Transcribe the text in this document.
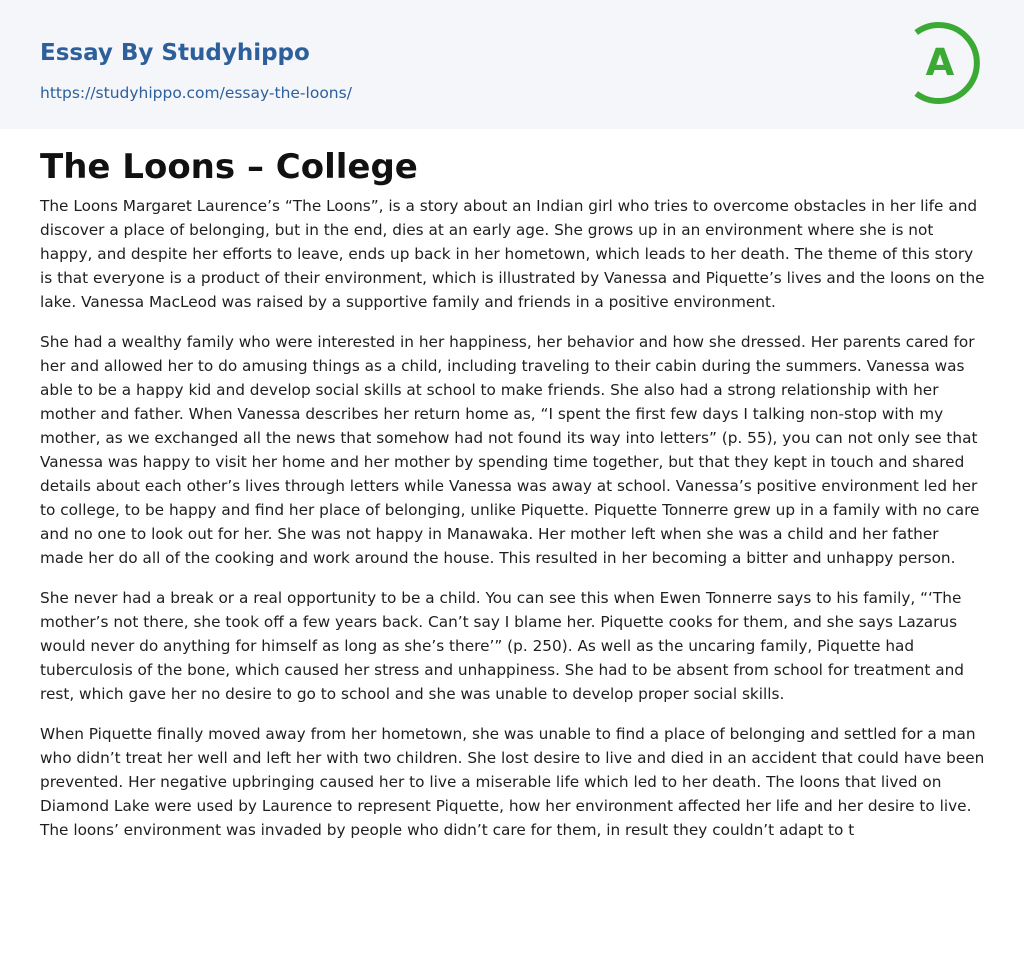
Essay By Studyhippo
https://studyhippo.com/essay-the-loons/
A
The Loons – College

The Loons Margaret Laurence’s “The Loons”, is a story about an Indian girl who tries to overcome obstacles in her life and discover a place of belonging, but in the end, dies at an early age. She grows up in an environment where she is not happy, and despite her efforts to leave, ends up back in her hometown, which leads to her death. The theme of this story is that everyone is a product of their environment, which is illustrated by Vanessa and Piquette’s lives and the loons on the lake. Vanessa MacLeod was raised by a supportive family and friends in a positive environment.

She had a wealthy family who were interested in her happiness, her behavior and how she dressed. Her parents cared for her and allowed her to do amusing things as a child, including traveling to their cabin during the summers. Vanessa was able to be a happy kid and develop social skills at school to make friends. She also had a strong relationship with her mother and father. When Vanessa describes her return home as, “I spent the first few days I talking non-stop with my mother, as we exchanged all the news that somehow had not found its way into letters” (p. 55), you can not only see that Vanessa was happy to visit her home and her mother by spending time together, but that they kept in touch and shared details about each other’s lives through letters while Vanessa was away at school. Vanessa’s positive environment led her to college, to be happy and find her place of belonging, unlike Piquette. Piquette Tonnerre grew up in a family with no care and no one to look out for her. She was not happy in Manawaka. Her mother left when she was a child and her father made her do all of the cooking and work around the house. This resulted in her becoming a bitter and unhappy person.

She never had a break or a real opportunity to be a child. You can see this when Ewen Tonnerre says to his family, “‘The mother’s not there, she took off a few years back. Can’t say I blame her. Piquette cooks for them, and she says Lazarus would never do anything for himself as long as she’s there’” (p. 250). As well as the uncaring family, Piquette had tuberculosis of the bone, which caused her stress and unhappiness. She had to be absent from school for treatment and rest, which gave her no desire to go to school and she was unable to develop proper social skills.

When Piquette finally moved away from her hometown, she was unable to find a place of belonging and settled for a man who didn’t treat her well and left her with two children. She lost desire to live and died in an accident that could have been prevented. Her negative upbringing caused her to live a miserable life which led to her death. The loons that lived on Diamond Lake were used by Laurence to represent Piquette, how her environment affected her life and her desire to live. The loons’ environment was invaded by people who didn’t care for them, in result they couldn’t adapt to t
